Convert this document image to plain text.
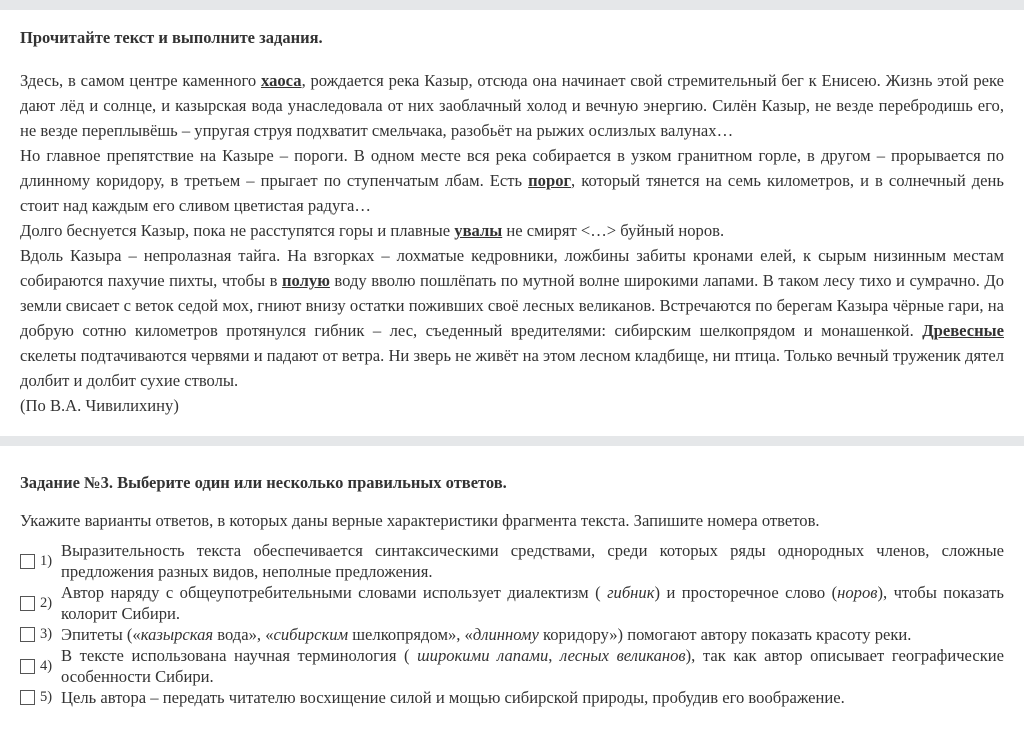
Прочитайте текст и выполните задания.

Здесь, в самом центре каменного хаоса, рождается река Казыр, отсюда она начинает свой стремительный бег к Енисею. Жизнь этой реке дают лёд и солнце, и казырская вода унаследовала от них заоблачный холод и вечную энергию. Силён Казыр, не везде перебродишь его, не везде переплывёшь – упругая струя подхватит смельчака, разобьёт на рыжих ослизлых валунах…

Но главное препятствие на Казыре – пороги. В одном месте вся река собирается в узком гранитном горле, в другом – прорывается по длинному коридору, в третьем – прыгает по ступенчатым лбам. Есть порог, который тянется на семь километров, и в солнечный день стоит над каждым его сливом цветистая радуга…

Долго беснуется Казыр, пока не расступятся горы и плавные увалы не смирят <…> буйный норов.

Вдоль Казыра – непролазная тайга. На взгорках – лохматые кедровники, ложбины забиты кронами елей, к сырым низинным местам собираются пахучие пихты, чтобы в полую воду вволю пошлёпать по мутной волне широкими лапами. В таком лесу тихо и сумрачно. До земли свисает с веток седой мох, гниют внизу остатки поживших своё лесных великанов. Встречаются по берегам Казыра чёрные гари, на добрую сотню километров протянулся гибник – лес, съеденный вредителями: сибирским шелкопрядом и монашенкой. Древесные скелеты подтачиваются червями и падают от ветра. Ни зверь не живёт на этом лесном кладбище, ни птица. Только вечный труженик дятел долбит и долбит сухие стволы.

(По В.А. Чивилихину)

Задание №3. Выберите один или несколько правильных ответов.
Укажите варианты ответов, в которых даны верные характеристики фрагмента текста. Запишите номера ответов.
1)
Выразительность текста обеспечивается синтаксическими средствами, среди которых ряды однородных членов, сложные предложения разных видов, неполные предложения.
2)
Автор наряду с общеупотребительными словами использует диалектизм ( гибник) и просторечное слово (норов), чтобы показать колорит Сибири.
3) Эпитеты («казырская вода», «сибирским шелкопрядом», «длинному коридору») помогают автору показать красоту реки.
4)
В тексте использована научная терминология ( широкими лапами, лесных великанов), так как автор описывает географические особенности Сибири.
5) Цель автора – передать читателю восхищение силой и мощью сибирской природы, пробудив его воображение.
